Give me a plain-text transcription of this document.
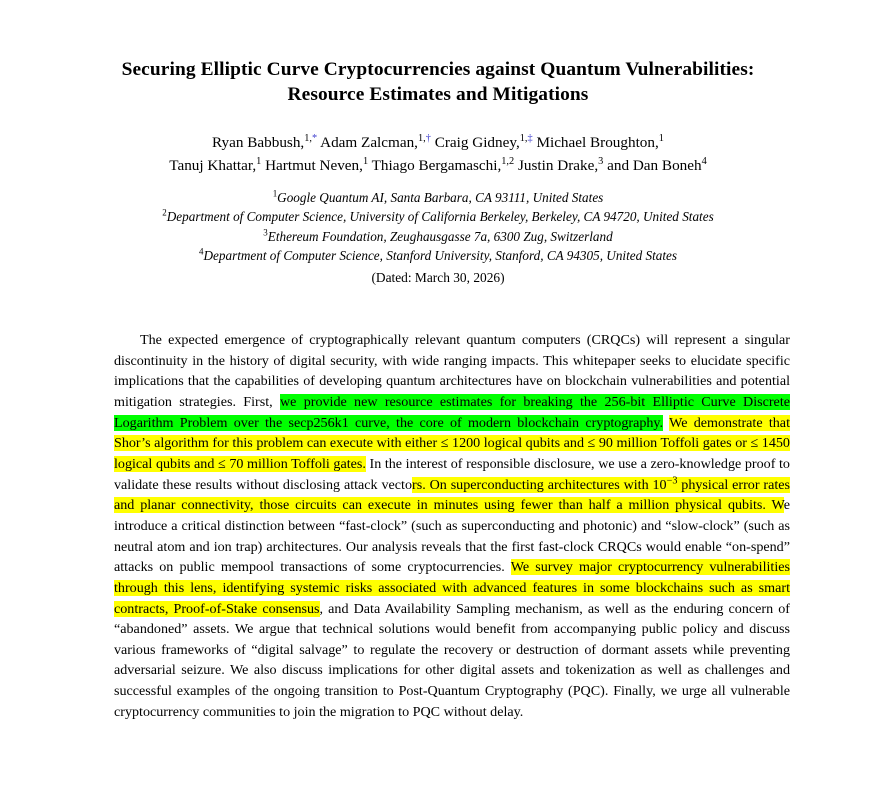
Securing Elliptic Curve Cryptocurrencies against Quantum Vulnerabilities:
Resource Estimates and Mitigations
Ryan Babbush,$^{1,*}$ Adam Zalcman,$^{1,\dagger}$ Craig Gidney,$^{1,\ddagger}$ Michael Broughton,$^1$
Tanuj Khattar,$^1$ Hartmut Neven,$^1$ Thiago Bergamaschi,$^{1,2}$ Justin Drake,$^3$ and Dan Boneh$^4$
$^1$Google Quantum AI, Santa Barbara, CA 93111, United States
$^2$Department of Computer Science, University of California Berkeley, Berkeley, CA 94720, United States
$^3$Ethereum Foundation, Zeughausgasse 7a, 6300 Zug, Switzerland
$^4$Department of Computer Science, Stanford University, Stanford, CA 94305, United States
(Dated: March 30, 2026)

The expected emergence of cryptographically relevant quantum computers (CRQCs) will represent a singular discontinuity in the history of digital security, with wide ranging impacts. This whitepaper seeks to elucidate specific implications that the capabilities of developing quantum architectures have on blockchain vulnerabilities and potential mitigation strategies. First, we provide new resource estimates for breaking the 256-bit Elliptic Curve Discrete Logarithm Problem over the secp256k1 curve, the core of modern blockchain cryptography. We demonstrate that Shor’s algorithm for this problem can execute with either ≤ 1200 logical qubits and ≤ 90 million Toffoli gates or ≤ 1450 logical qubits and ≤ 70 million Toffoli gates. In the interest of responsible disclosure, we use a zero-knowledge proof to validate these results without disclosing attack vectors. On superconducting architectures with $10^{-3}$ physical error rates and planar connectivity, those circuits can execute in minutes using fewer than half a million physical qubits. We introduce a critical distinction between “fast-clock” (such as superconducting and photonic) and “slow-clock” (such as neutral atom and ion trap) architectures. Our analysis reveals that the first fast-clock CRQCs would enable “on-spend” attacks on public mempool transactions of some cryptocurrencies. We survey major cryptocurrency vulnerabilities through this lens, identifying systemic risks associated with advanced features in some blockchains such as smart contracts, Proof-of-Stake consensus, and Data Availability Sampling mechanism, as well as the enduring concern of “abandoned” assets. We argue that technical solutions would benefit from accompanying public policy and discuss various frameworks of “digital salvage” to regulate the recovery or destruction of dormant assets while preventing adversarial seizure. We also discuss implications for other digital assets and tokenization as well as challenges and successful examples of the ongoing transition to Post-Quantum Cryptography (PQC). Finally, we urge all vulnerable cryptocurrency communities to join the migration to PQC without delay.
